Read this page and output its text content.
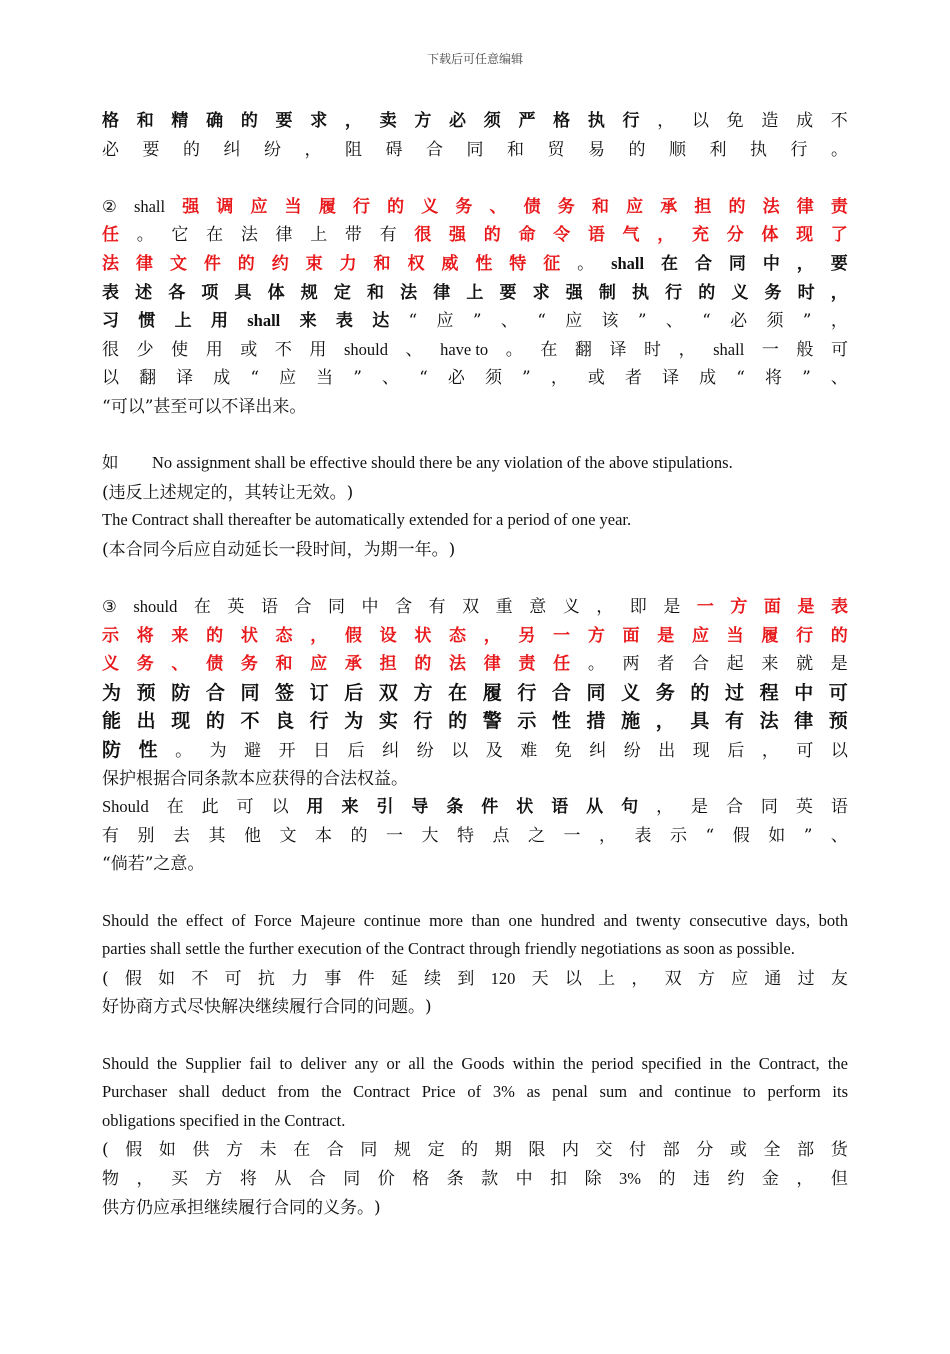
下载后可任意编辑
格 和 精 确 的 要 求 ， 卖 方 必 须 严 格 执 行 ， 以 免 造 成 不
必 要 的 纠 纷 ， 阻 碍 合 同 和 贸 易 的 顺 利 执 行 。
② shall 强 调 应 当 履 行 的 义 务 、 债 务 和 应 承 担 的 法 律 责
任 。 它 在 法 律 上 带 有 很 强 的 命 令 语 气 ， 充 分 体 现 了
法 律 文 件 的 约 束 力 和 权 威 性 特 征 。 shall 在 合 同 中 ， 要
表 述 各 项 具 体 规 定 和 法 律 上 要 求 强 制 执 行 的 义 务 时 ，
习 惯 上 用 shall 来 表 达 “ 应 ” 、 “ 应 该 ” 、 “ 必 须 ” ，
很 少 使 用 或 不 用 should 、 have to 。 在 翻 译 时 ， shall 一 般 可
以 翻 译 成 “ 应 当 ” 、 “ 必 须 ” ， 或 者 译 成 “ 将 ” 、
“ 可 以 ” 甚 至 可 以 不 译 出 来 。
如 No assignment shall be effective should there be any violation of the above stipulations.
( 违 反 上 述 规 定 的 ， 其 转 让 无 效 。 )
The Contract shall thereafter be automatically extended for a period of one year.
( 本 合 同 今 后 应 自 动 延 长 一 段 时 间 ， 为 期 一 年 。 )
③ should 在 英 语 合 同 中 含 有 双 重 意 义 ， 即 是 一 方 面 是 表
示 将 来 的 状 态 ， 假 设 状 态 ， 另 一 方 面 是 应 当 履 行 的
义 务 、 债 务 和 应 承 担 的 法 律 责 任 。 两 者 合 起 来 就 是
为 预 防 合 同 签 订 后 双 方 在 履 行 合 同 义 务 的 过 程 中 可
能 出 现 的 不 良 行 为 实 行 的 警 示 性 措 施 ， 具 有 法 律 预
防 性 。 为 避 开 日 后 纠 纷 以 及 难 免 纠 纷 出 现 后 ， 可 以
保 护 根 据 合 同 条 款 本 应 获 得 的 合 法 权 益 。
Should 在 此 可 以 用 来 引 导 条 件 状 语 从 句 ， 是 合 同 英 语
有 别 去 其 他 文 本 的 一 大 特 点 之 一 ， 表 示 “ 假 如 ” 、
“ 倘 若 ” 之 意 。
Should the effect of Force Majeure continue more than one hundred and twenty consecutive days, both
parties shall settle the further execution of the Contract through friendly negotiations as soon as possible.
( 假 如 不 可 抗 力 事 件 延 续 到 120 天 以 上 ， 双 方 应 通 过 友
好 协 商 方 式 尽 快 解 决 继 续 履 行 合 同 的 问 题 。 )
Should the Supplier fail to deliver any or all the Goods within the period specified in the Contract, the
Purchaser shall deduct from the Contract Price of 3% as penal sum and continue to perform its
obligations specified in the Contract.
( 假 如 供 方 未 在 合 同 规 定 的 期 限 内 交 付 部 分 或 全 部 货
物 ， 买 方 将 从 合 同 价 格 条 款 中 扣 除 3% 的 违 约 金 ， 但
供 方 仍 应 承 担 继 续 履 行 合 同 的 义 务 。 )
